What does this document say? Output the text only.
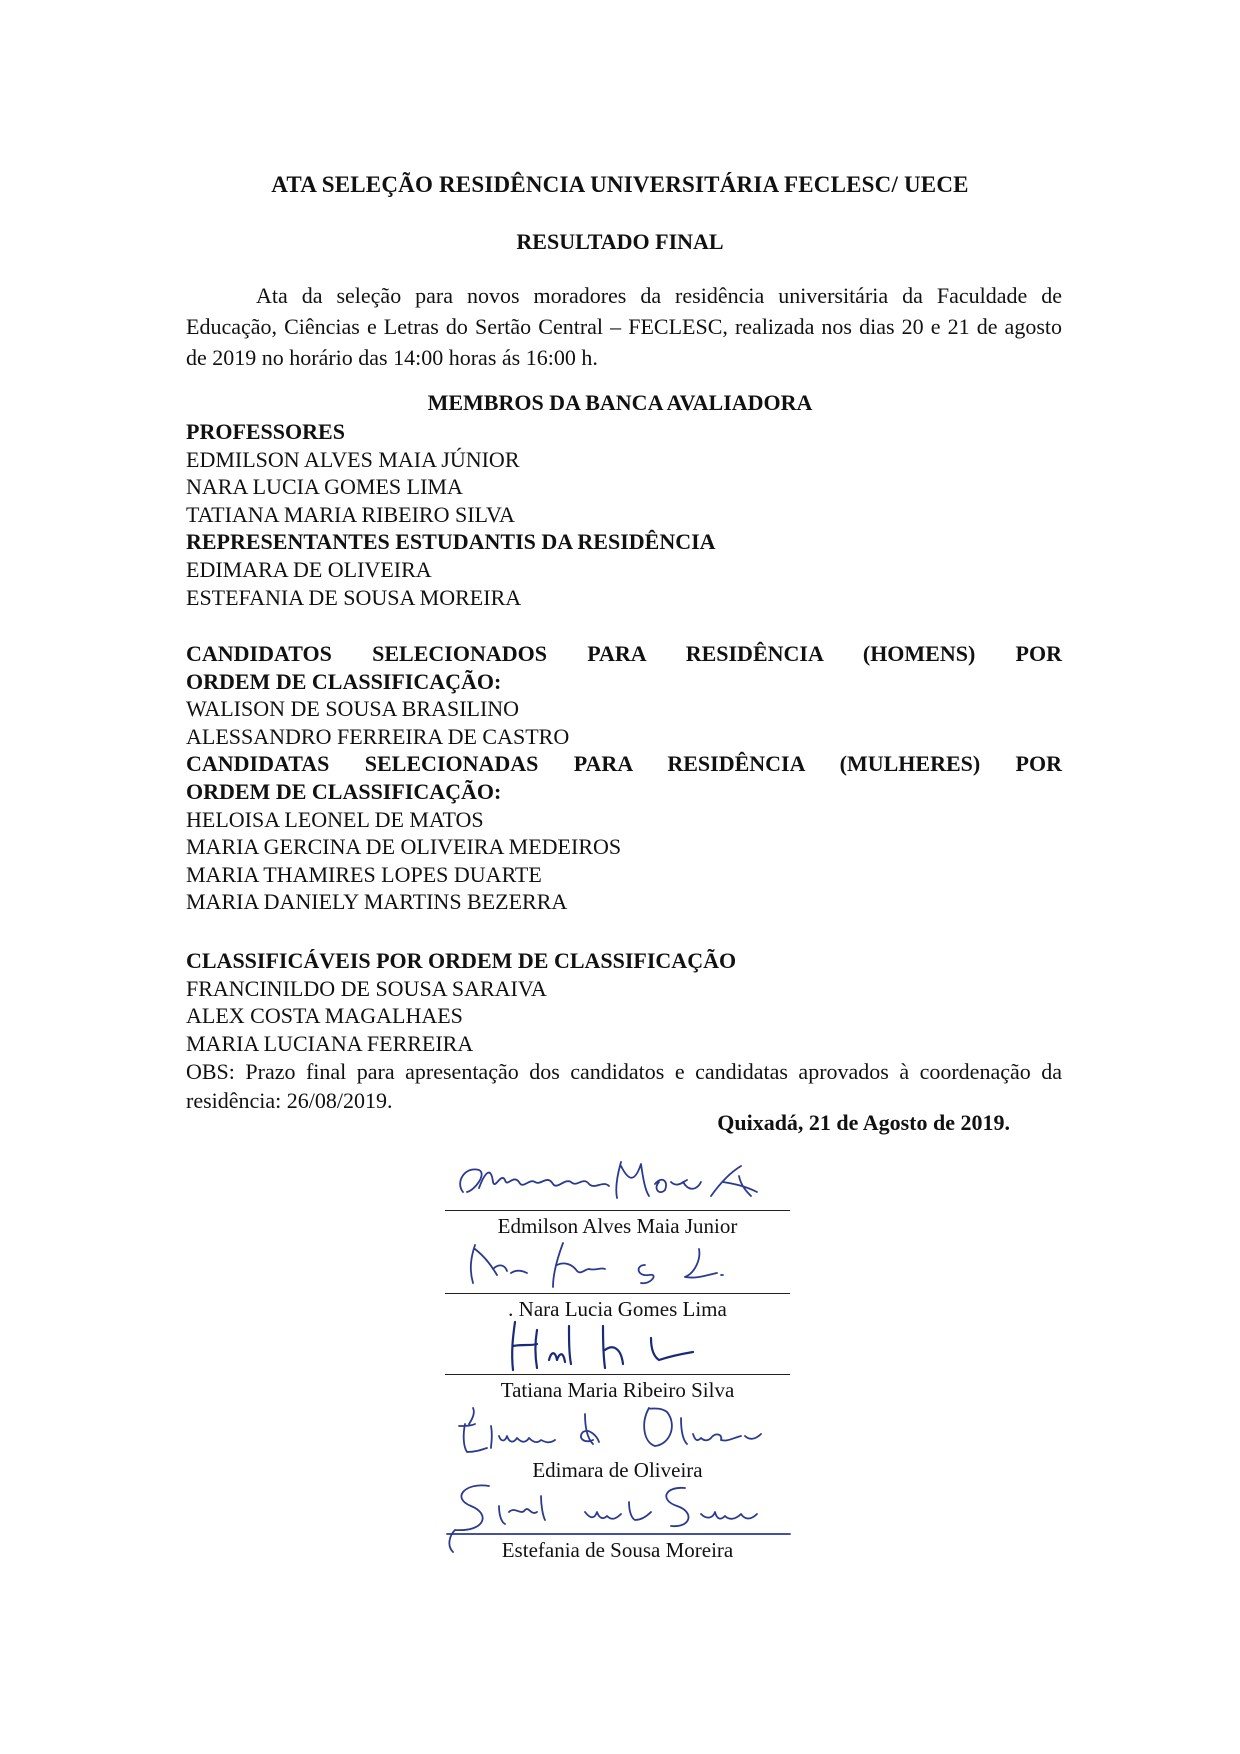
ATA SELEÇÃO RESIDÊNCIA UNIVERSITÁRIA FECLESC/ UECE
RESULTADO FINAL
Ata da seleção para novos moradores da residência universitária da Faculdade de Educação, Ciências e Letras do Sertão Central – FECLESC, realizada nos dias 20 e 21 de agosto de 2019 no horário das 14:00 horas ás 16:00 h.
MEMBROS DA BANCA AVALIADORA
PROFESSORES
EDMILSON ALVES MAIA JÚNIOR
NARA LUCIA GOMES LIMA
TATIANA MARIA RIBEIRO SILVA
REPRESENTANTES ESTUDANTIS DA RESIDÊNCIA
EDIMARA DE OLIVEIRA
ESTEFANIA DE SOUSA MOREIRA
CANDIDATOS SELECIONADOS PARA RESIDÊNCIA (HOMENS) POR
ORDEM DE CLASSIFICAÇÃO:
WALISON DE SOUSA BRASILINO
ALESSANDRO FERREIRA DE CASTRO
CANDIDATAS SELECIONADAS PARA RESIDÊNCIA (MULHERES) POR
ORDEM DE CLASSIFICAÇÃO:
HELOISA LEONEL DE MATOS
MARIA GERCINA DE OLIVEIRA MEDEIROS
MARIA THAMIRES LOPES DUARTE
MARIA DANIELY MARTINS BEZERRA
CLASSIFICÁVEIS POR ORDEM DE CLASSIFICAÇÃO
FRANCINILDO DE SOUSA SARAIVA
ALEX COSTA MAGALHAES
MARIA LUCIANA FERREIRA
OBS: Prazo final para apresentação dos candidatos e candidatas aprovados à coordenação da residência: 26/08/2019.
Quixadá, 21 de Agosto de 2019.
Edmilson Alves Maia Junior
. Nara Lucia Gomes Lima
Tatiana Maria Ribeiro Silva
Edimara de Oliveira
Estefania de Sousa Moreira
